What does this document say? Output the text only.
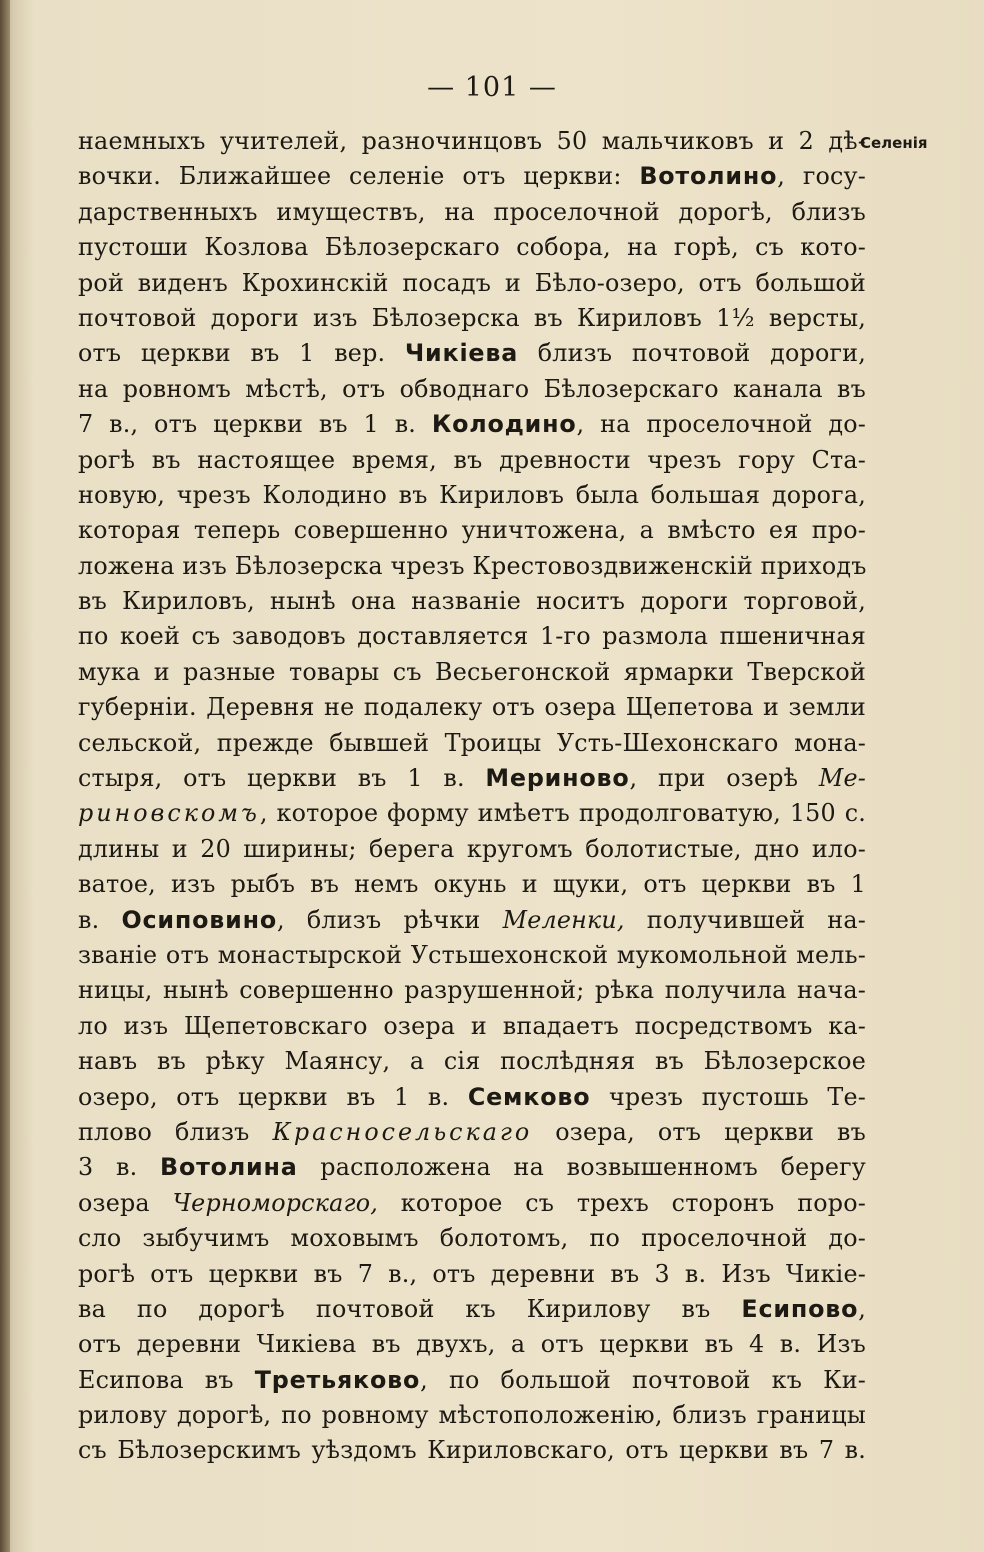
— 101 —
Селенія
наемныхъ учителей, разночинцовъ 50 мальчиковъ и 2 дѣ-
вочки. Ближайшее селеніе отъ церкви: Вотолино, госу-
дарственныхъ имуществъ, на проселочной дорогѣ, близъ
пустоши Козлова Бѣлозерскаго собора, на горѣ, съ кото-
рой виденъ Крохинскій посадъ и Бѣло-озеро, отъ большой
почтовой дороги изъ Бѣлозерска въ Кириловъ 1½ версты,
отъ церкви въ 1 вер. Чикіева близъ почтовой дороги,
на ровномъ мѣстѣ, отъ обводнаго Бѣлозерскаго канала въ
7 в., отъ церкви въ 1 в. Колодино, на проселочной до-
рогѣ въ настоящее время, въ древности чрезъ гору Ста-
новую, чрезъ Колодино въ Кириловъ была большая дорога,
которая теперь совершенно уничтожена, а вмѣсто ея про-
ложена изъ Бѣлозерска чрезъ Крестовоздвиженскій приходъ
въ Кириловъ, нынѣ она названіе носитъ дороги торговой,
по коей съ заводовъ доставляется 1-го размола пшеничная
мука и разные товары съ Весьегонской ярмарки Тверской
губерніи. Деревня не подалеку отъ озера Щепетова и земли
сельской, прежде бывшей Троицы Усть-Шехонскаго мона-
стыря, отъ церкви въ 1 в. Мериново, при озерѣ Ме-
риновскомъ, которое форму имѣетъ продолговатую, 150 с.
длины и 20 ширины; берега кругомъ болотистые, дно ило-
ватое, изъ рыбъ въ немъ окунь и щуки, отъ церкви въ 1
в. Осиповино, близъ рѣчки Меленки, получившей на-
званіе отъ монастырской Устьшехонской мукомольной мель-
ницы, нынѣ совершенно разрушенной; рѣка получила нача-
ло изъ Щепетовскаго озера и впадаетъ посредствомъ ка-
навъ въ рѣку Маянсу, а сія послѣдняя въ Бѣлозерское
озеро, отъ церкви въ 1 в. Семково чрезъ пустошь Те-
плово близъ Красносельскаго озера, отъ церкви въ
3 в. Вотолина расположена на возвышенномъ берегу
озера Черноморскаго, которое съ трехъ сторонъ поро-
сло зыбучимъ моховымъ болотомъ, по проселочной до-
рогѣ отъ церкви въ 7 в., отъ деревни въ 3 в. Изъ Чикіе-
ва по дорогѣ почтовой къ Кирилову въ Есипово,
отъ деревни Чикіева въ двухъ, а отъ церкви въ 4 в. Изъ
Есипова въ Третьяково, по большой почтовой къ Ки-
рилову дорогѣ, по ровному мѣстоположенію, близъ границы
съ Бѣлозерскимъ уѣздомъ Кириловскаго, отъ церкви въ 7 в.
